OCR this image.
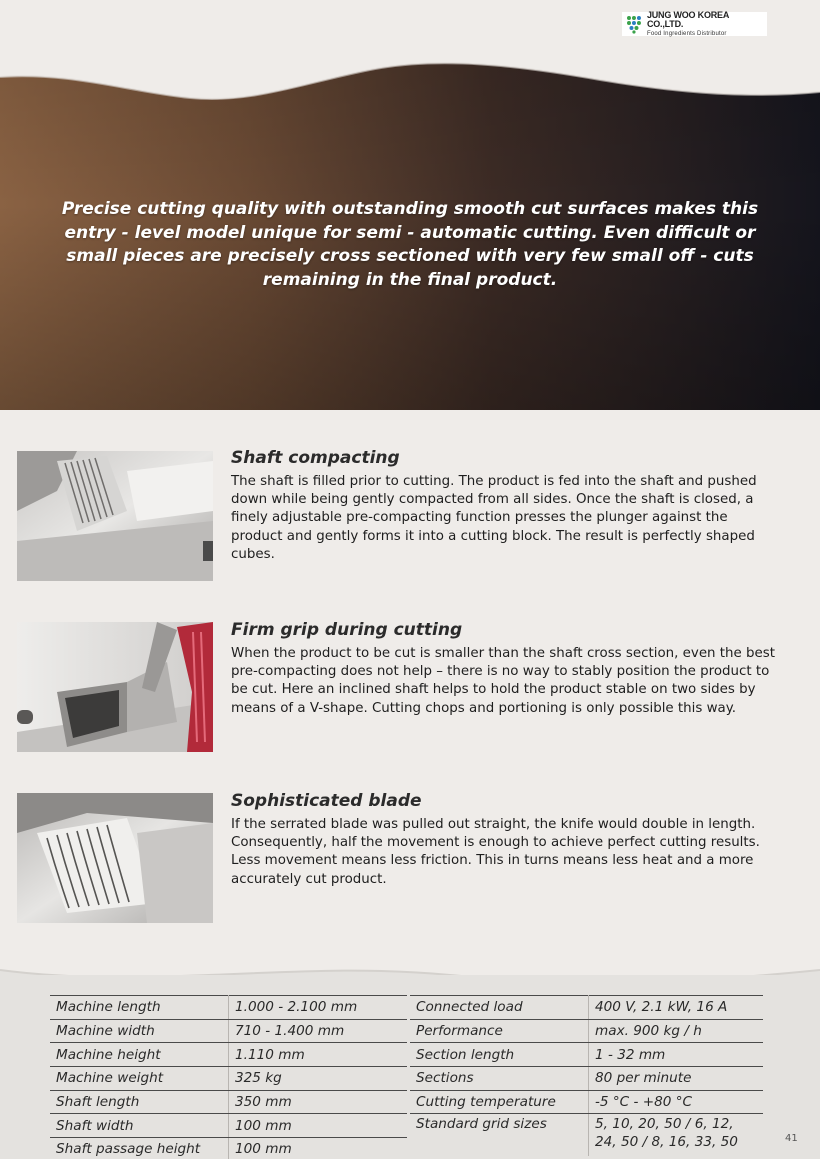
JUNG WOO KOREA CO.,LTD.
Food Ingredients Distributor

Precise cutting quality with outstanding smooth cut surfaces makes this entry - level model unique for semi - automatic cutting. Even difficult or small pieces are precisely cross sectioned with very few small off - cuts remaining in the final product.

Shaft compacting

The shaft is filled prior to cutting. The product is fed into the shaft and pushed down while being gently compacted from all sides. Once the shaft is closed, a finely adjustable pre-compacting function presses the plunger against the product and gently forms it into a cutting block. The result is perfectly shaped cubes.

Firm grip during cutting

When the product to be cut is smaller than the shaft cross section, even the best pre-compacting does not help – there is no way to stably position the product to be cut. Here an inclined shaft helps to hold the product stable on two sides by means of a V-shape. Cutting chops and portioning is only possible this way.

Sophisticated blade

If the serrated blade was pulled out straight, the knife would double in length. Consequently, half the movement is enough to achieve perfect cutting results. Less movement means less friction. This in turns means less heat and a more accurately cut product.

Machine length	1.000 - 2.100 mm
Machine width	710 - 1.400 mm
Machine height	1.110 mm
Machine weight	325 kg
Shaft length	350 mm
Shaft width	100 mm
Shaft passage height	100 mm
Connected load	400 V, 2.1 kW, 16 A
Performance	max. 900 kg / h
Section length	1 - 32 mm
Sections	80 per minute
Cutting temperature	-5 °C - +80 °C
Standard grid sizes	5, 10, 20, 50 / 6, 12, 24, 50 / 8, 16, 33, 50	41
